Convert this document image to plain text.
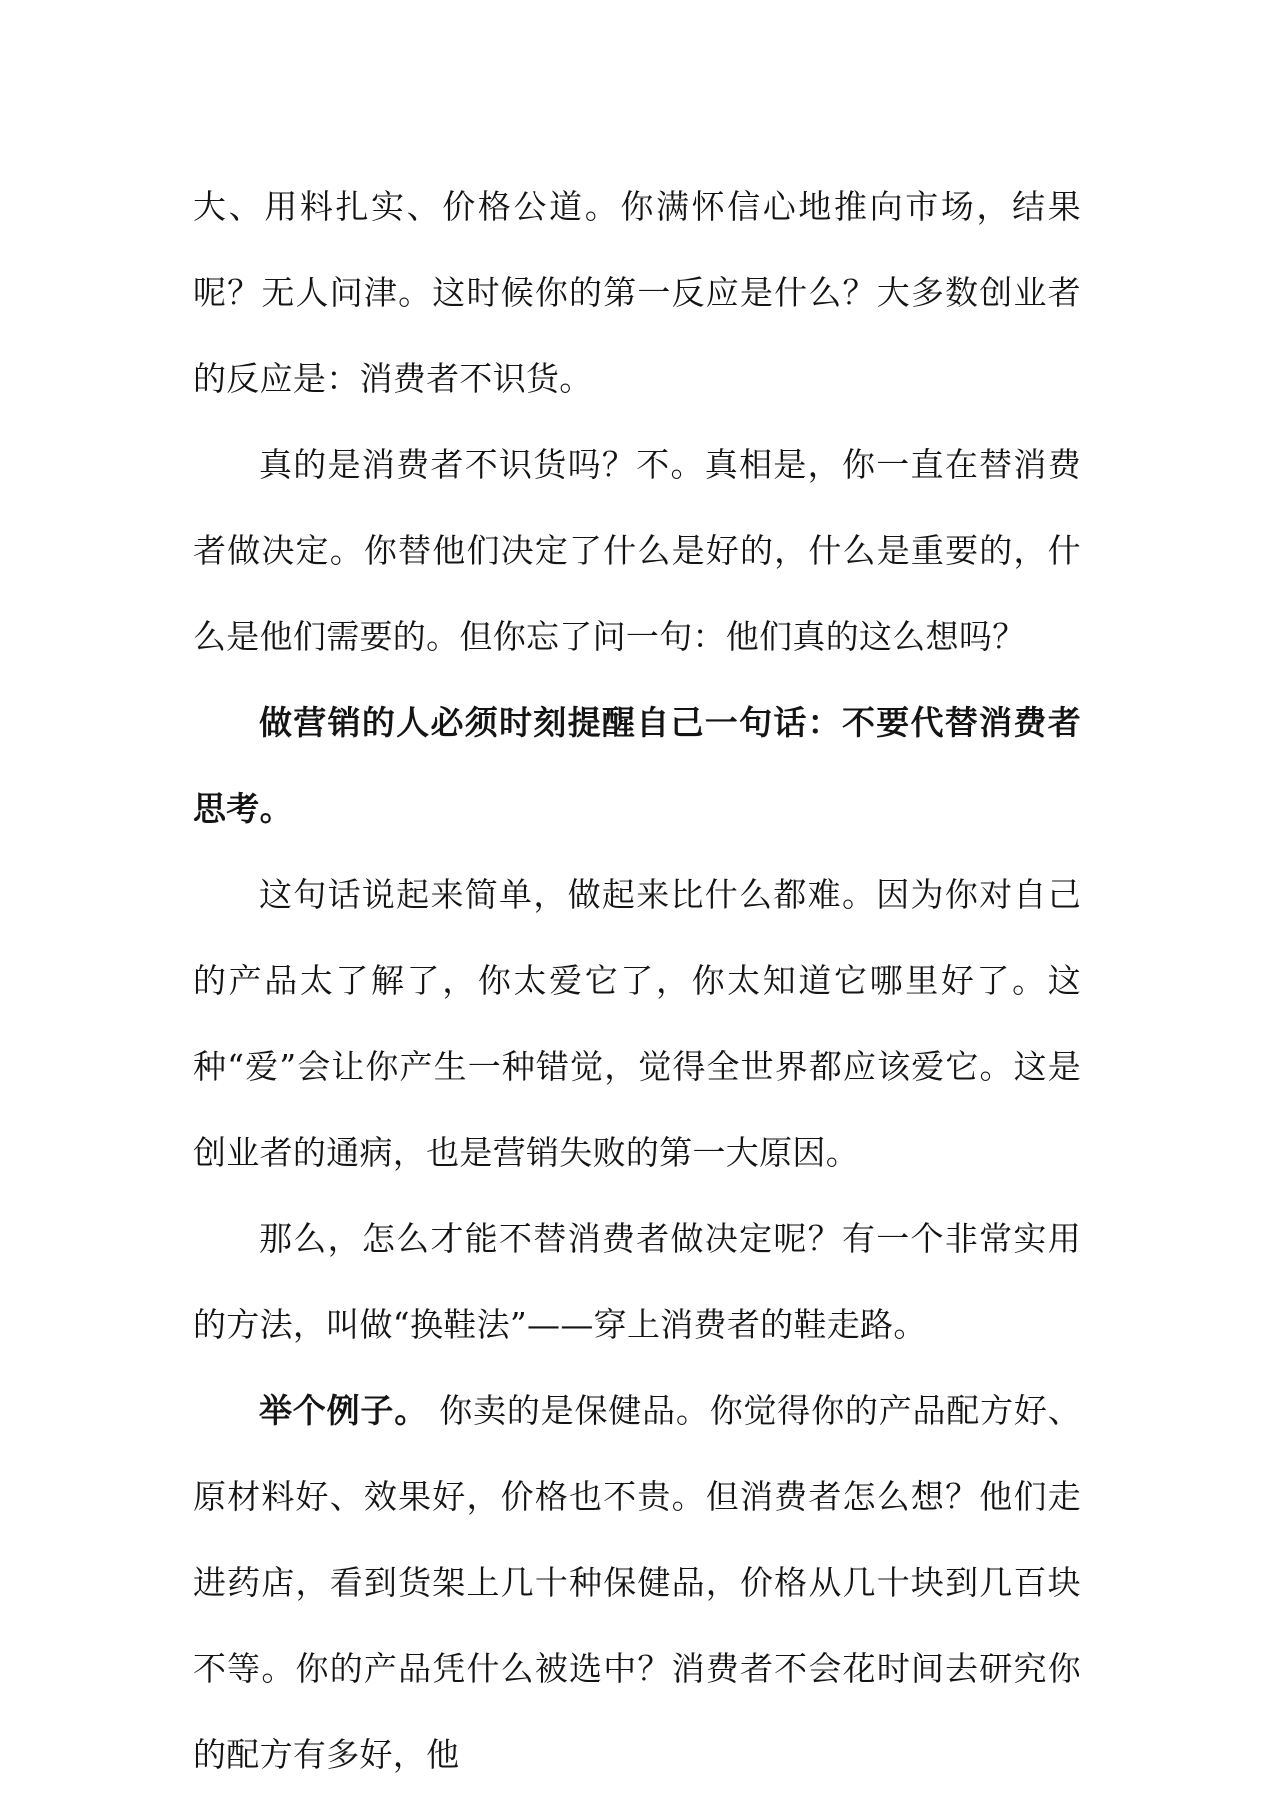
大、用料扎实、价格公道。你满怀信心地推向市场，结果呢？无人问津。这时候你的第一反应是什么？大多数创业者的反应是：消费者不识货。

真的是消费者不识货吗？不。真相是，你一直在替消费者做决定。你替他们决定了什么是好的，什么是重要的，什么是他们需要的。但你忘了问一句：他们真的这么想吗？

做营销的人必须时刻提醒自己一句话：不要代替消费者思考。

这句话说起来简单，做起来比什么都难。因为你对自己的产品太了解了，你太爱它了，你太知道它哪里好了。这种“爱”会让你产生一种错觉，觉得全世界都应该爱它。这是创业者的通病，也是营销失败的第一大原因。

那么，怎么才能不替消费者做决定呢？有一个非常实用的方法，叫做“换鞋法”——穿上消费者的鞋走路。

举个例子。 你卖的是保健品。你觉得你的产品配方好、原材料好、效果好，价格也不贵。但消费者怎么想？他们走进药店，看到货架上几十种保健品，价格从几十块到几百块不等。你的产品凭什么被选中？消费者不会花时间去研究你的配方有多好，他
